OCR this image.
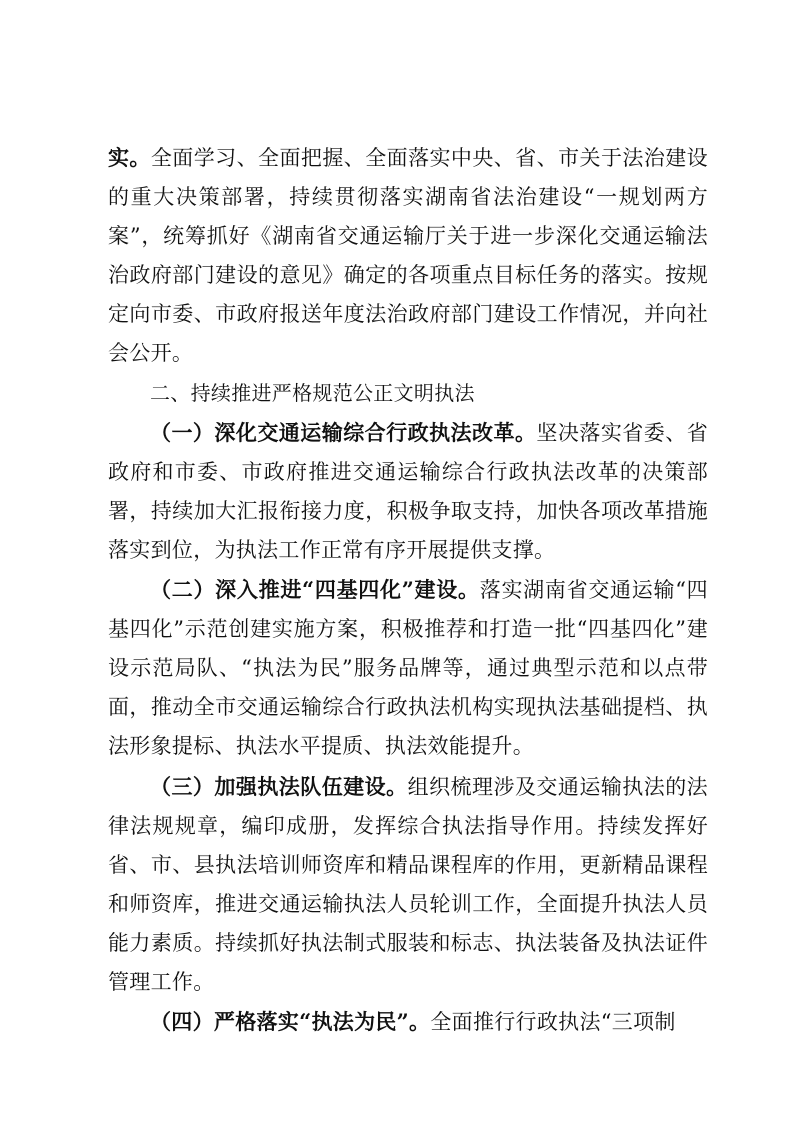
实。全面学习、全面把握、全面落实中央、省、市关于法治建设的重大决策部署，持续贯彻落实湖南省法治建设“一规划两方案”，统筹抓好《湖南省交通运输厅关于进一步深化交通运输法治政府部门建设的意见》确定的各项重点目标任务的落实。按规定向市委、市政府报送年度法治政府部门建设工作情况，并向社会公开。

二、持续推进严格规范公正文明执法

（一）深化交通运输综合行政执法改革。坚决落实省委、省政府和市委、市政府推进交通运输综合行政执法改革的决策部署，持续加大汇报衔接力度，积极争取支持，加快各项改革措施落实到位，为执法工作正常有序开展提供支撑。

（二）深入推进“四基四化”建设。落实湖南省交通运输“四基四化”示范创建实施方案，积极推荐和打造一批“四基四化”建设示范局队、“执法为民”服务品牌等，通过典型示范和以点带面，推动全市交通运输综合行政执法机构实现执法基础提档、执法形象提标、执法水平提质、执法效能提升。

（三）加强执法队伍建设。组织梳理涉及交通运输执法的法律法规规章，编印成册，发挥综合执法指导作用。持续发挥好省、市、县执法培训师资库和精品课程库的作用，更新精品课程和师资库，推进交通运输执法人员轮训工作，全面提升执法人员能力素质。持续抓好执法制式服装和标志、执法装备及执法证件管理工作。

（四）严格落实“执法为民”。全面推行行政执法“三项制
